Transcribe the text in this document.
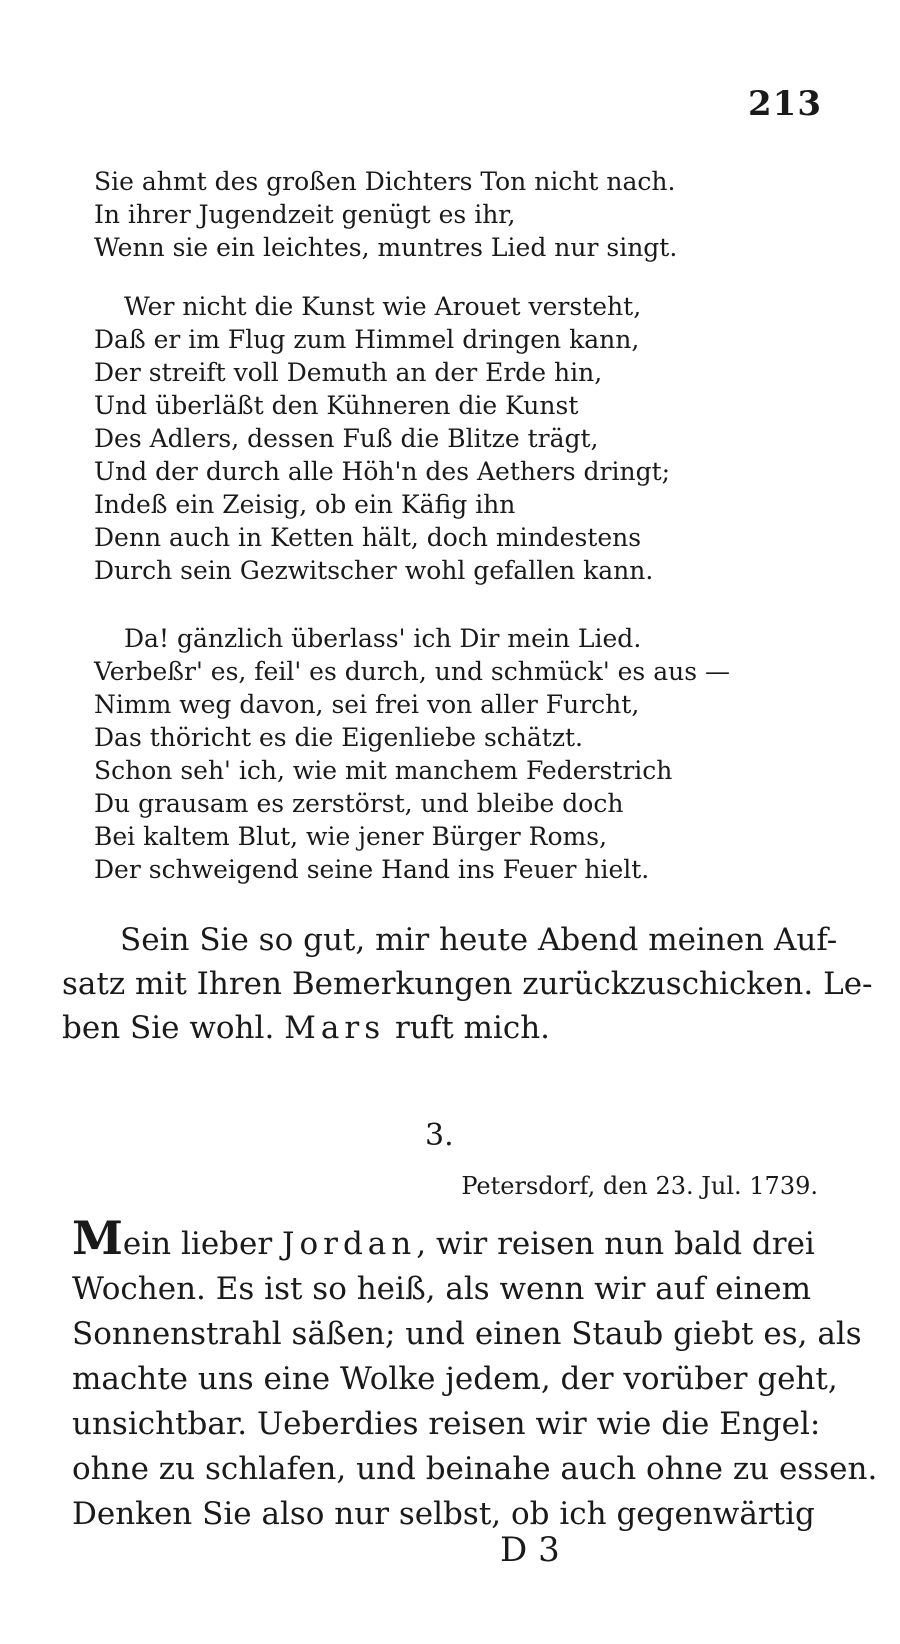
213
Sie ahmt des großen Dichters Ton nicht nach.
In ihrer Jugendzeit genügt es ihr,
Wenn sie ein leichtes, muntres Lied nur singt.
Wer nicht die Kunst wie Arouet versteht,
Daß er im Flug zum Himmel dringen kann,
Der streift voll Demuth an der Erde hin,
Und überläßt den Kühneren die Kunst
Des Adlers, dessen Fuß die Blitze trägt,
Und der durch alle Höh'n des Aethers dringt;
Indeß ein Zeisig, ob ein Käfig ihn
Denn auch in Ketten hält, doch mindestens
Durch sein Gezwitscher wohl gefallen kann.
Da! gänzlich überlass' ich Dir mein Lied.
Verbeßr' es, feil' es durch, und schmück' es aus —
Nimm weg davon, sei frei von aller Furcht,
Das thöricht es die Eigenliebe schätzt.
Schon seh' ich, wie mit manchem Federstrich
Du grausam es zerstörst, und bleibe doch
Bei kaltem Blut, wie jener Bürger Roms,
Der schweigend seine Hand ins Feuer hielt.
Sein Sie so gut, mir heute Abend meinen Auf-
satz mit Ihren Bemerkungen zurückzuschicken. Le-
ben Sie wohl. Mars ruft mich.
3.
Petersdorf, den 23. Jul. 1739.
Mein lieber Jordan, wir reisen nun bald drei
Wochen. Es ist so heiß, als wenn wir auf einem
Sonnenstrahl säßen; und einen Staub giebt es, als
machte uns eine Wolke jedem, der vorüber geht,
unsichtbar. Ueberdies reisen wir wie die Engel:
ohne zu schlafen, und beinahe auch ohne zu essen.
Denken Sie also nur selbst, ob ich gegenwärtig
D 3
